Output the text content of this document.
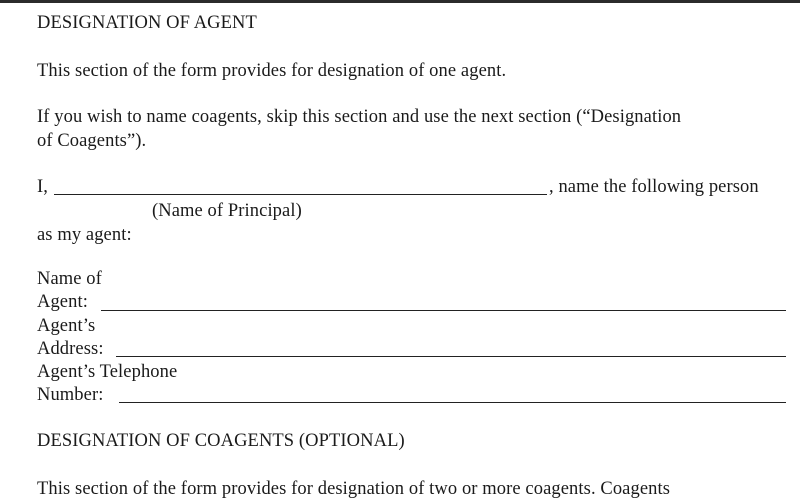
DESIGNATION OF AGENT
This section of the form provides for designation of one agent.
If you wish to name coagents, skip this section and use the next section (“Designation
of Coagents”).
I,	, name the following person
(Name of Principal)
as my agent:
Name of
Agent:
Agent’s
Address:
Agent’s Telephone
Number:
DESIGNATION OF COAGENTS (OPTIONAL)
This section of the form provides for designation of two or more coagents. Coagents
